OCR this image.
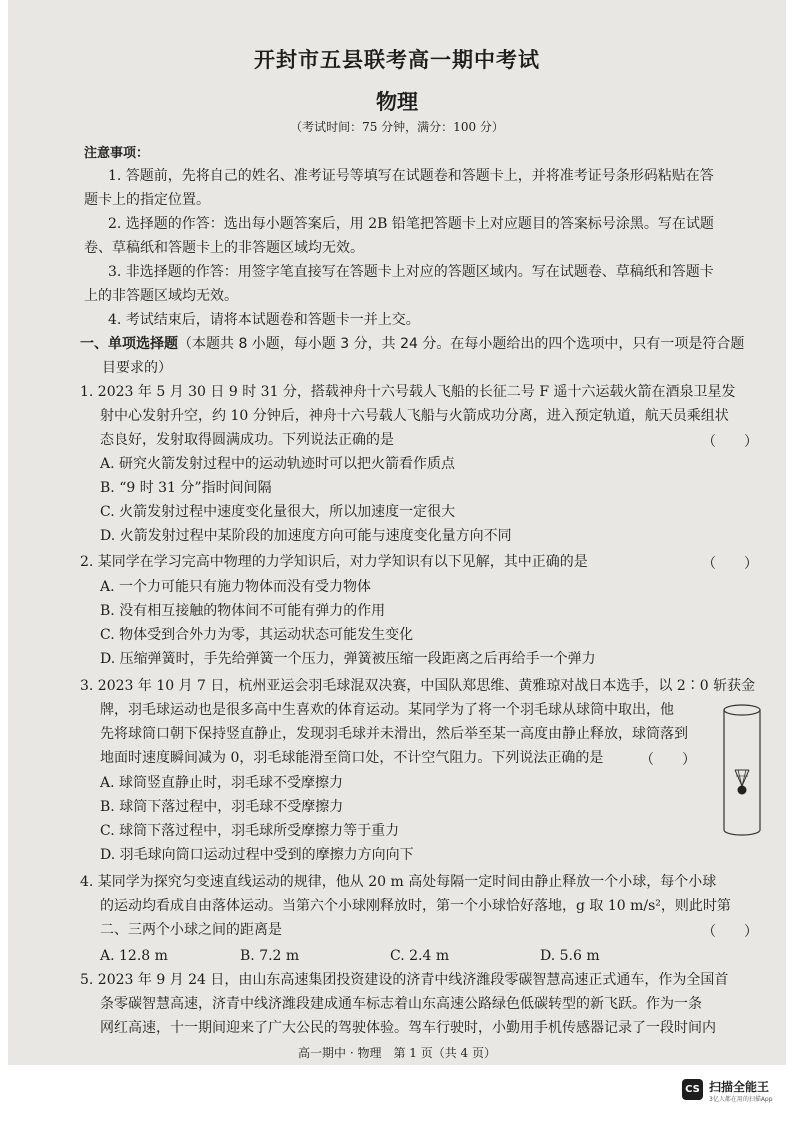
开封市五县联考高一期中考试
物理
（考试时间：75 分钟，满分：100 分）
注意事项：
1. 答题前，先将自己的姓名、准考证号等填写在试题卷和答题卡上，并将准考证号条形码粘贴在答
题卡上的指定位置。
2. 选择题的作答：选出每小题答案后，用 2B 铅笔把答题卡上对应题目的答案标号涂黑。写在试题
卷、草稿纸和答题卡上的非答题区域均无效。
3. 非选择题的作答：用签字笔直接写在答题卡上对应的答题区域内。写在试题卷、草稿纸和答题卡
上的非答题区域均无效。
4. 考试结束后，请将本试题卷和答题卡一并上交。
一、单项选择题（本题共 8 小题，每小题 3 分，共 24 分。在每小题给出的四个选项中，只有一项是符合题
目要求的）
1. 2023 年 5 月 30 日 9 时 31 分，搭载神舟十六号载人飞船的长征二号 F 遥十六运载火箭在酒泉卫星发
射中心发射升空，约 10 分钟后，神舟十六号载人飞船与火箭成功分离，进入预定轨道，航天员乘组状
态良好，发射取得圆满成功。下列说法正确的是	（　　）
A. 研究火箭发射过程中的运动轨迹时可以把火箭看作质点
B. “9 时 31 分”指时间间隔
C. 火箭发射过程中速度变化量很大，所以加速度一定很大
D. 火箭发射过程中某阶段的加速度方向可能与速度变化量方向不同
2. 某同学在学习完高中物理的力学知识后，对力学知识有以下见解，其中正确的是	（　　）
A. 一个力可能只有施力物体而没有受力物体
B. 没有相互接触的物体间不可能有弹力的作用
C. 物体受到合外力为零，其运动状态可能发生变化
D. 压缩弹簧时，手先给弹簧一个压力，弹簧被压缩一段距离之后再给手一个弹力
3. 2023 年 10 月 7 日，杭州亚运会羽毛球混双决赛，中国队郑思维、黄雅琼对战日本选手，以 2∶0 斩获金
牌，羽毛球运动也是很多高中生喜欢的体育运动。某同学为了将一个羽毛球从球筒中取出，他
先将球筒口朝下保持竖直静止，发现羽毛球并未滑出，然后举至某一高度由静止释放，球筒落到
地面时速度瞬间减为 0，羽毛球能滑至筒口处，不计空气阻力。下列说法正确的是	（　　）
A. 球筒竖直静止时，羽毛球不受摩擦力
B. 球筒下落过程中，羽毛球不受摩擦力
C. 球筒下落过程中，羽毛球所受摩擦力等于重力
D. 羽毛球向筒口运动过程中受到的摩擦力方向向下
4. 某同学为探究匀变速直线运动的规律，他从 20 m 高处每隔一定时间由静止释放一个小球，每个小球
的运动均看成自由落体运动。当第六个小球刚释放时，第一个小球恰好落地，g 取 10 m/s²，则此时第
二、三两个小球之间的距离是	（　　）
A. 12.8 m	B. 7.2 m	C. 2.4 m	D. 5.6 m
5. 2023 年 9 月 24 日，由山东高速集团投资建设的济青中线济潍段零碳智慧高速正式通车，作为全国首
条零碳智慧高速，济青中线济潍段建成通车标志着山东高速公路绿色低碳转型的新飞跃。作为一条
网红高速，十一期间迎来了广大公民的驾驶体验。驾车行驶时，小勤用手机传感器记录了一段时间内
高一期中 · 物理　第 1 页（共 4 页）
CS 扫描全能王
3亿人都在用的扫描App
